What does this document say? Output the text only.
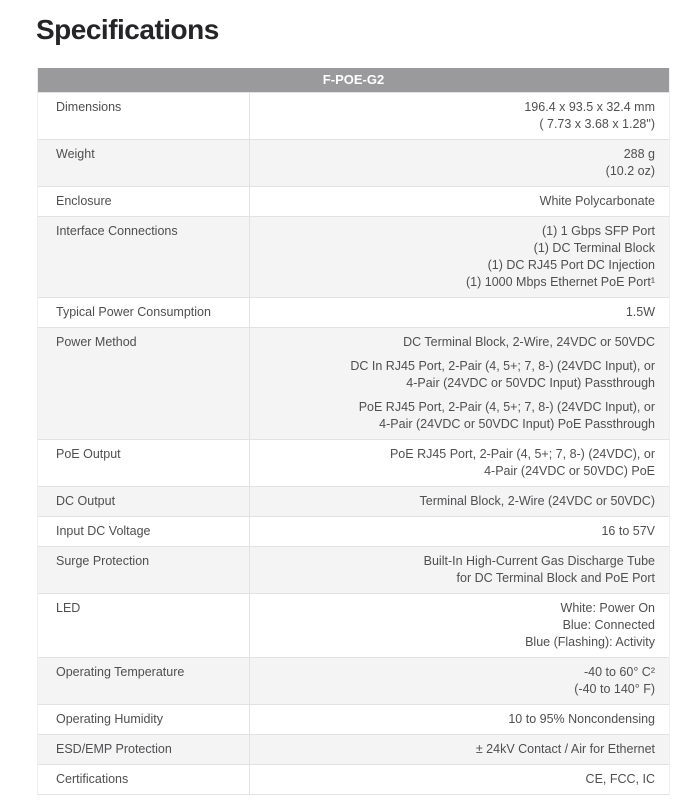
Specifications
F-POE-G2
Dimensions	196.4 x 93.5 x 32.4 mm
( 7.73 x 3.68 x 1.28")
Weight	288 g
(10.2 oz)
Enclosure	White Polycarbonate
Interface Connections	(1) 1 Gbps SFP Port
(1) DC Terminal Block
(1) DC RJ45 Port DC Injection
(1) 1000 Mbps Ethernet PoE Port¹
Typical Power Consumption	1.5W
Power Method	DC Terminal Block, 2-Wire, 24VDC or 50VDC
DC In RJ45 Port, 2-Pair (4, 5+; 7, 8-) (24VDC Input), or
4-Pair (24VDC or 50VDC Input) Passthrough
PoE RJ45 Port, 2-Pair (4, 5+; 7, 8-) (24VDC Input), or
4-Pair (24VDC or 50VDC Input) PoE Passthrough
PoE Output	PoE RJ45 Port, 2-Pair (4, 5+; 7, 8-) (24VDC), or
4-Pair (24VDC or 50VDC) PoE
DC Output	Terminal Block, 2-Wire (24VDC or 50VDC)
Input DC Voltage	16 to 57V
Surge Protection	Built-In High-Current Gas Discharge Tube
for DC Terminal Block and PoE Port
LED	White: Power On
Blue: Connected
Blue (Flashing): Activity
Operating Temperature	-40 to 60° C²
(-40 to 140° F)
Operating Humidity	10 to 95% Noncondensing
ESD/EMP Protection	± 24kV Contact / Air for Ethernet
Certifications	CE, FCC, IC
